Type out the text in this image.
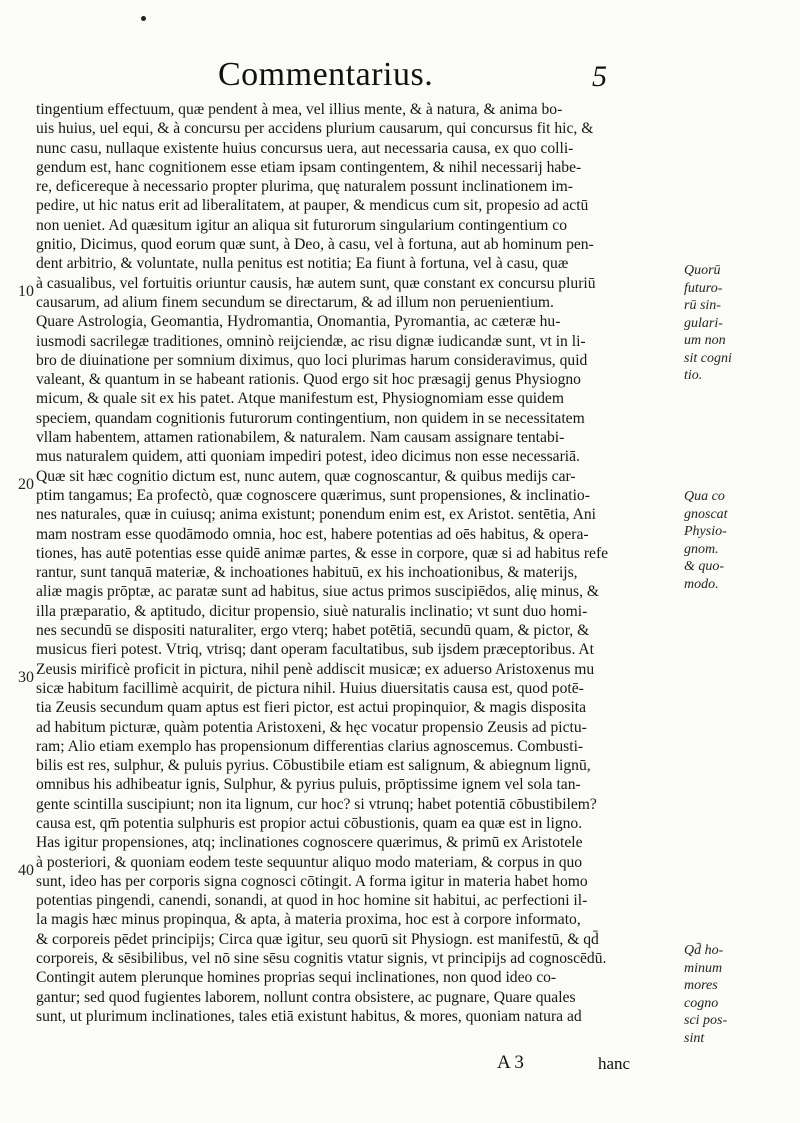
Commentarius.	5
tingentium effectuum, quæ pendent à mea, vel illius mente, & à natura, & anima bo-
uis huius, uel equi, & à concursu per accidens plurium causarum, qui concursus fit hic, &
nunc casu, nullaque existente huius concursus uera, aut necessaria causa, ex quo colli-
gendum est, hanc cognitionem esse etiam ipsam contingentem, & nihil necessarij habe-
re, deficereque à necessario propter plurima, quę naturalem possunt inclinationem im-
pedire, ut hic natus erit ad liberalitatem, at pauper, & mendicus cum sit, propesio ad actū
non ueniet. Ad quæsitum igitur an aliqua sit futurorum singularium contingentium co
gnitio, Dicimus, quod eorum quæ sunt, à Deo, à casu, vel à fortuna, aut ab hominum pen-
dent arbitrio, & voluntate, nulla penitus est notitia; Ea fiunt à fortuna, vel à casu, quæ
à casualibus, vel fortuitis oriuntur causis, hæ autem sunt, quæ constant ex concursu pluriū
causarum, ad alium finem secundum se directarum, & ad illum non peruenientium.
Quare Astrologia, Geomantia, Hydromantia, Onomantia, Pyromantia, ac cæteræ hu-
iusmodi sacrilegæ traditiones, omninò reijciendæ, ac risu dignæ iudicandæ sunt, vt in li-
bro de diuinatione per somnium diximus, quo loci plurimas harum consideravimus, quid
valeant, & quantum in se habeant rationis. Quod ergo sit hoc præsagij genus Physiogno
micum, & quale sit ex his patet. Atque manifestum est, Physiognomiam esse quidem
speciem, quandam cognitionis futurorum contingentium, non quidem in se necessitatem
vllam habentem, attamen rationabilem, & naturalem. Nam causam assignare tentabi-
mus naturalem quidem, atti quoniam impediri potest, ideo dicimus non esse necessariā.
Quæ sit hæc cognitio dictum est, nunc autem, quæ cognoscantur, & quibus medijs car-
ptim tangamus; Ea profectò, quæ cognoscere quærimus, sunt propensiones, & inclinatio-
nes naturales, quæ in cuiusq; anima existunt; ponendum enim est, ex Aristot. sentētia, Ani
mam nostram esse quodāmodo omnia, hoc est, habere potentias ad oēs habitus, & opera-
tiones, has autē potentias esse quidē animæ partes, & esse in corpore, quæ si ad habitus refe
rantur, sunt tanquā materiæ, & inchoationes habituū, ex his inchoationibus, & materijs,
aliæ magis prōptæ, ac paratæ sunt ad habitus, siue actus primos suscipiēdos, alię minus, &
illa præparatio, & aptitudo, dicitur propensio, siuè naturalis inclinatio; vt sunt duo homi-
nes secundū se dispositi naturaliter, ergo vterq; habet potētiā, secundū quam, & pictor, &
musicus fieri potest. Vtriq, vtrisq; dant operam facultatibus, sub ijsdem præceptoribus. At
Zeusis mirificè proficit in pictura, nihil penè addiscit musicæ; ex aduerso Aristoxenus mu
sicæ habitum facillimè acquirit, de pictura nihil. Huius diuersitatis causa est, quod potē-
tia Zeusis secundum quam aptus est fieri pictor, est actui propinquior, & magis disposita
ad habitum picturæ, quàm potentia Aristoxeni, & hęc vocatur propensio Zeusis ad pictu-
ram; Alio etiam exemplo has propensionum differentias clarius agnoscemus. Combusti-
bilis est res, sulphur, & puluis pyrius. Cōbustibile etiam est salignum, & abiegnum lignū,
omnibus his adhibeatur ignis, Sulphur, & pyrius puluis, prōptissime ignem vel sola tan-
gente scintilla suscipiunt; non ita lignum, cur hoc? si vtrunq; habet potentiā cōbustibilem?
causa est, qm̄ potentia sulphuris est propior actui cōbustionis, quam ea quæ est in ligno.
Has igitur propensiones, atq; inclinationes cognoscere quærimus, & primū ex Aristotele
à posteriori, & quoniam eodem teste sequuntur aliquo modo materiam, & corpus in quo
sunt, ideo has per corporis signa cognosci cōtingit. A forma igitur in materia habet homo
potentias pingendi, canendi, sonandi, at quod in hoc homine sit habitui, ac perfectioni il-
la magis hæc minus propinqua, & apta, à materia proxima, hoc est à corpore informato,
& corporeis pēdet principijs; Circa quæ igitur, seu quorū sit Physiogn. est manifestū, & qd̄
corporeis, & sēsibilibus, vel nō sine sēsu cognitis vtatur signis, vt principijs ad cognoscēdū.
Contingit autem plerunque homines proprias sequi inclinationes, non quod ideo co-
gantur; sed quod fugientes laborem, nollunt contra obsistere, ac pugnare, Quare quales
sunt, ut plurimum inclinationes, tales etiā existunt habitus, & mores, quoniam natura ad
10
20
30
40
Quorū
futuro-
rū sin-
gulari-
um non
sit cogni
tio.
Qua co
gnoscat
Physio-
gnom.
& quo-
modo.
Qd̄ ho-
minum
mores
cogno
sci pos-
sint
A 3	hanc
